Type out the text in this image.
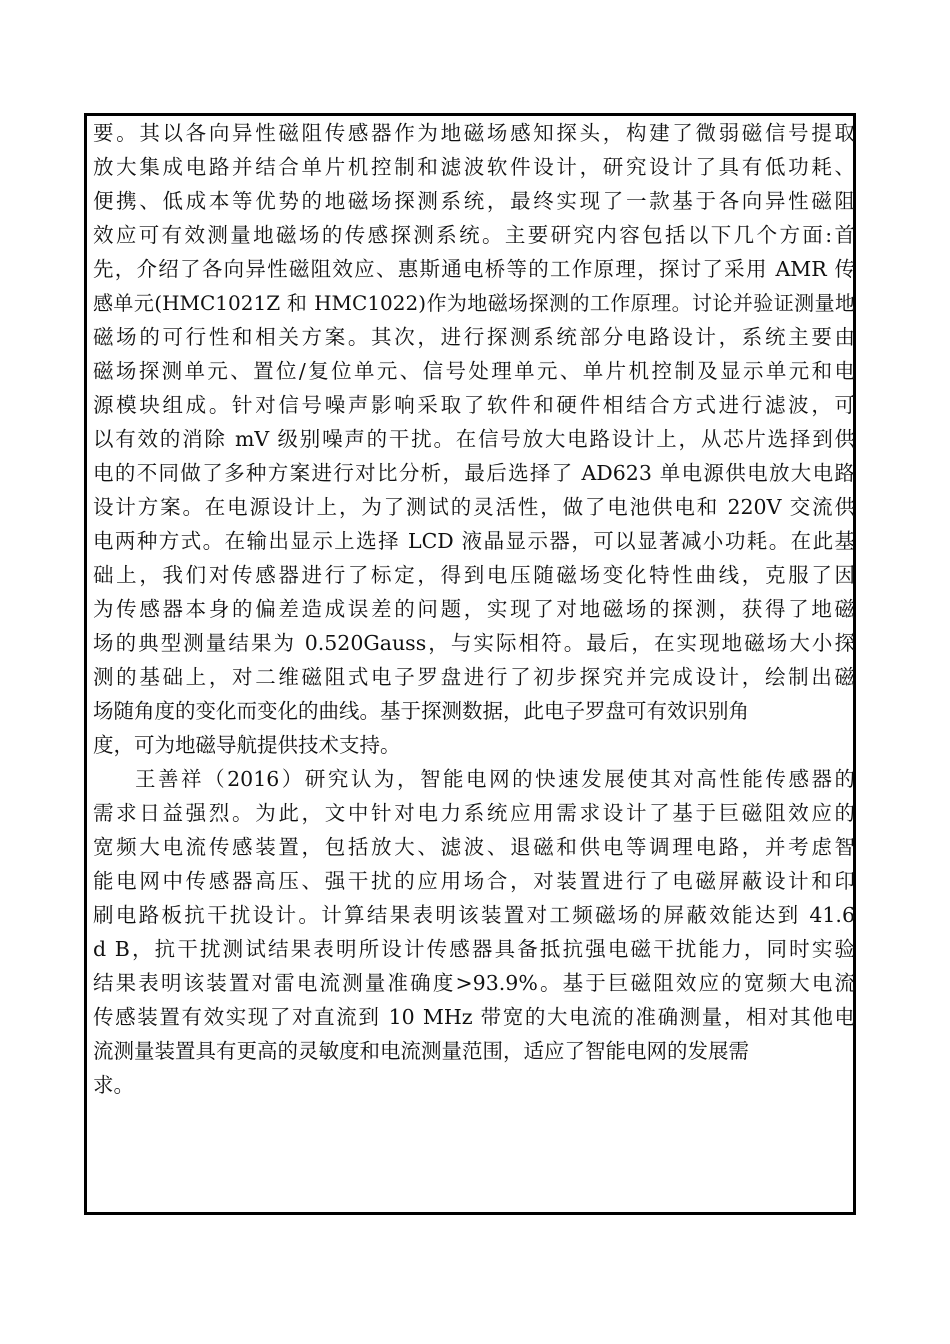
要。其以各向异性磁阻传感器作为地磁场感知探头，构建了微弱磁信号提取
放大集成电路并结合单片机控制和滤波软件设计，研究设计了具有低功耗、
便携、低成本等优势的地磁场探测系统，最终实现了一款基于各向异性磁阻
效应可有效测量地磁场的传感探测系统。主要研究内容包括以下几个方面:首
先，介绍了各向异性磁阻效应、惠斯通电桥等的工作原理，探讨了采用 AMR 传
感单元(HMC1021Z 和 HMC1022)作为地磁场探测的工作原理。讨论并验证测量地
磁场的可行性和相关方案。其次，进行探测系统部分电路设计，系统主要由
磁场探测单元、置位/复位单元、信号处理单元、单片机控制及显示单元和电
源模块组成。针对信号噪声影响采取了软件和硬件相结合方式进行滤波，可
以有效的消除 mV 级别噪声的干扰。在信号放大电路设计上，从芯片选择到供
电的不同做了多种方案进行对比分析，最后选择了 AD623 单电源供电放大电路
设计方案。在电源设计上，为了测试的灵活性，做了电池供电和 220V 交流供
电两种方式。在输出显示上选择 LCD 液晶显示器，可以显著减小功耗。在此基
础上，我们对传感器进行了标定，得到电压随磁场变化特性曲线，克服了因
为传感器本身的偏差造成误差的问题，实现了对地磁场的探测，获得了地磁
场的典型测量结果为 0.520Gauss，与实际相符。最后，在实现地磁场大小探
测的基础上，对二维磁阻式电子罗盘进行了初步探究并完成设计，绘制出磁
场随角度的变化而变化的曲线。基于探测数据，此电子罗盘可有效识别角
度，可为地磁导航提供技术支持。
王善祥（2016）研究认为，智能电网的快速发展使其对高性能传感器的
需求日益强烈。为此，文中针对电力系统应用需求设计了基于巨磁阻效应的
宽频大电流传感装置，包括放大、滤波、退磁和供电等调理电路，并考虑智
能电网中传感器高压、强干扰的应用场合，对装置进行了电磁屏蔽设计和印
刷电路板抗干扰设计。计算结果表明该装置对工频磁场的屏蔽效能达到 41.6
d B，抗干扰测试结果表明所设计传感器具备抵抗强电磁干扰能力，同时实验
结果表明该装置对雷电流测量准确度>93.9%。基于巨磁阻效应的宽频大电流
传感装置有效实现了对直流到 10 MHz 带宽的大电流的准确测量，相对其他电
流测量装置具有更高的灵敏度和电流测量范围，适应了智能电网的发展需
求。
